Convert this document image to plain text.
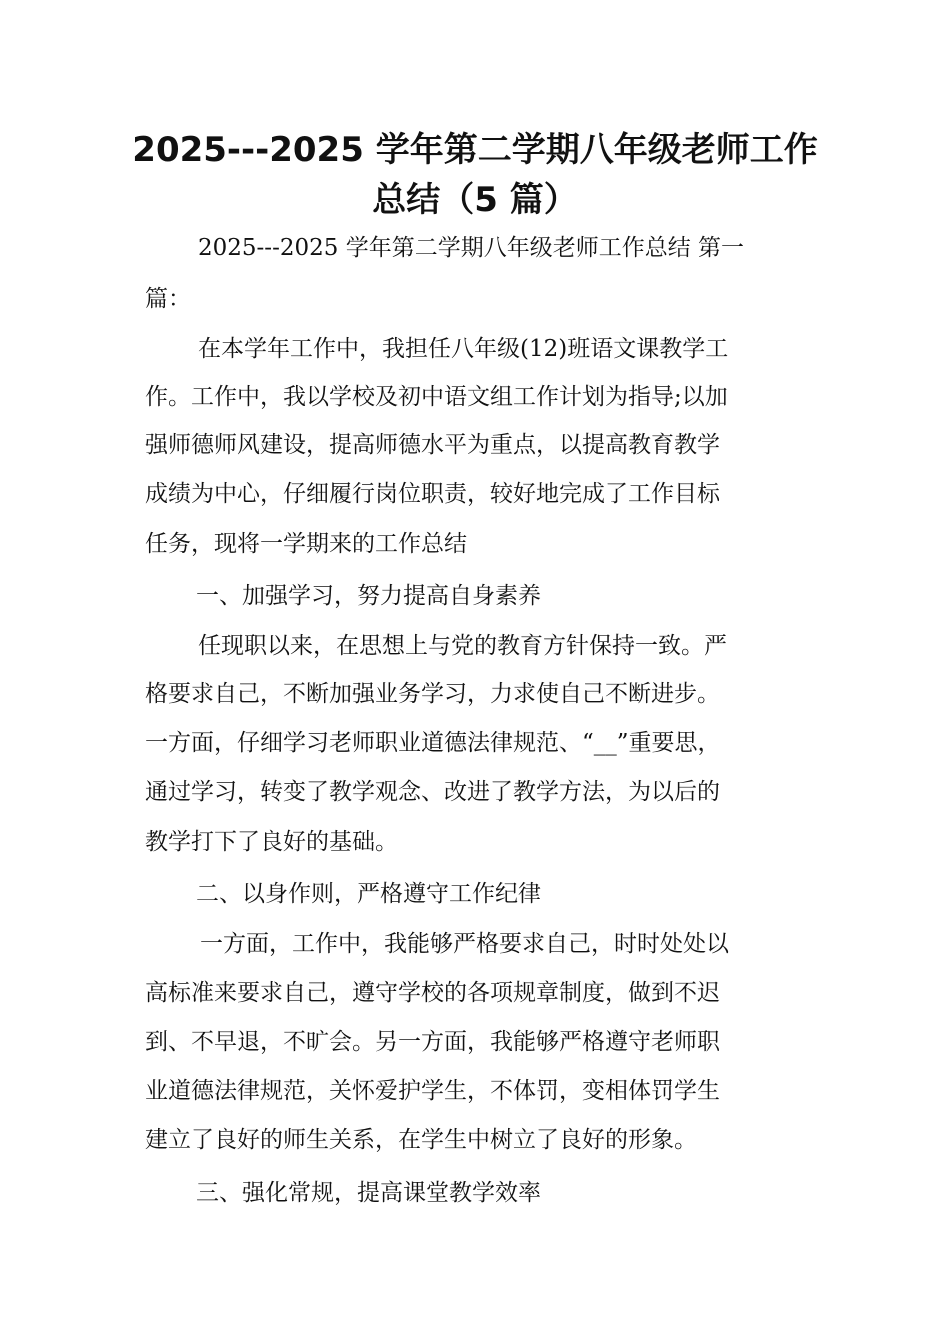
2025---2025 学年第二学期八年级老师工作
总结（5 篇）
2025---2025 学年第二学期八年级老师工作总结 第一
篇：
在本学年工作中，我担任八年级(12)班语文课教学工
作。工作中，我以学校及初中语文组工作计划为指导;以加
强师德师风建设，提高师德水平为重点，以提高教育教学
成绩为中心，仔细履行岗位职责，较好地完成了工作目标
任务，现将一学期来的工作总结
一、加强学习，努力提高自身素养
任现职以来，在思想上与党的教育方针保持一致。严
格要求自己，不断加强业务学习，力求使自己不断进步。
一方面，仔细学习老师职业道德法律规范、“__”重要思，
通过学习，转变了教学观念、改进了教学方法，为以后的
教学打下了良好的基础。
二、以身作则，严格遵守工作纪律
一方面，工作中，我能够严格要求自己，时时处处以
高标准来要求自己，遵守学校的各项规章制度，做到不迟
到、不早退，不旷会。另一方面，我能够严格遵守老师职
业道德法律规范，关怀爱护学生，不体罚，变相体罚学生
建立了良好的师生关系，在学生中树立了良好的形象。
三、强化常规，提高课堂教学效率
